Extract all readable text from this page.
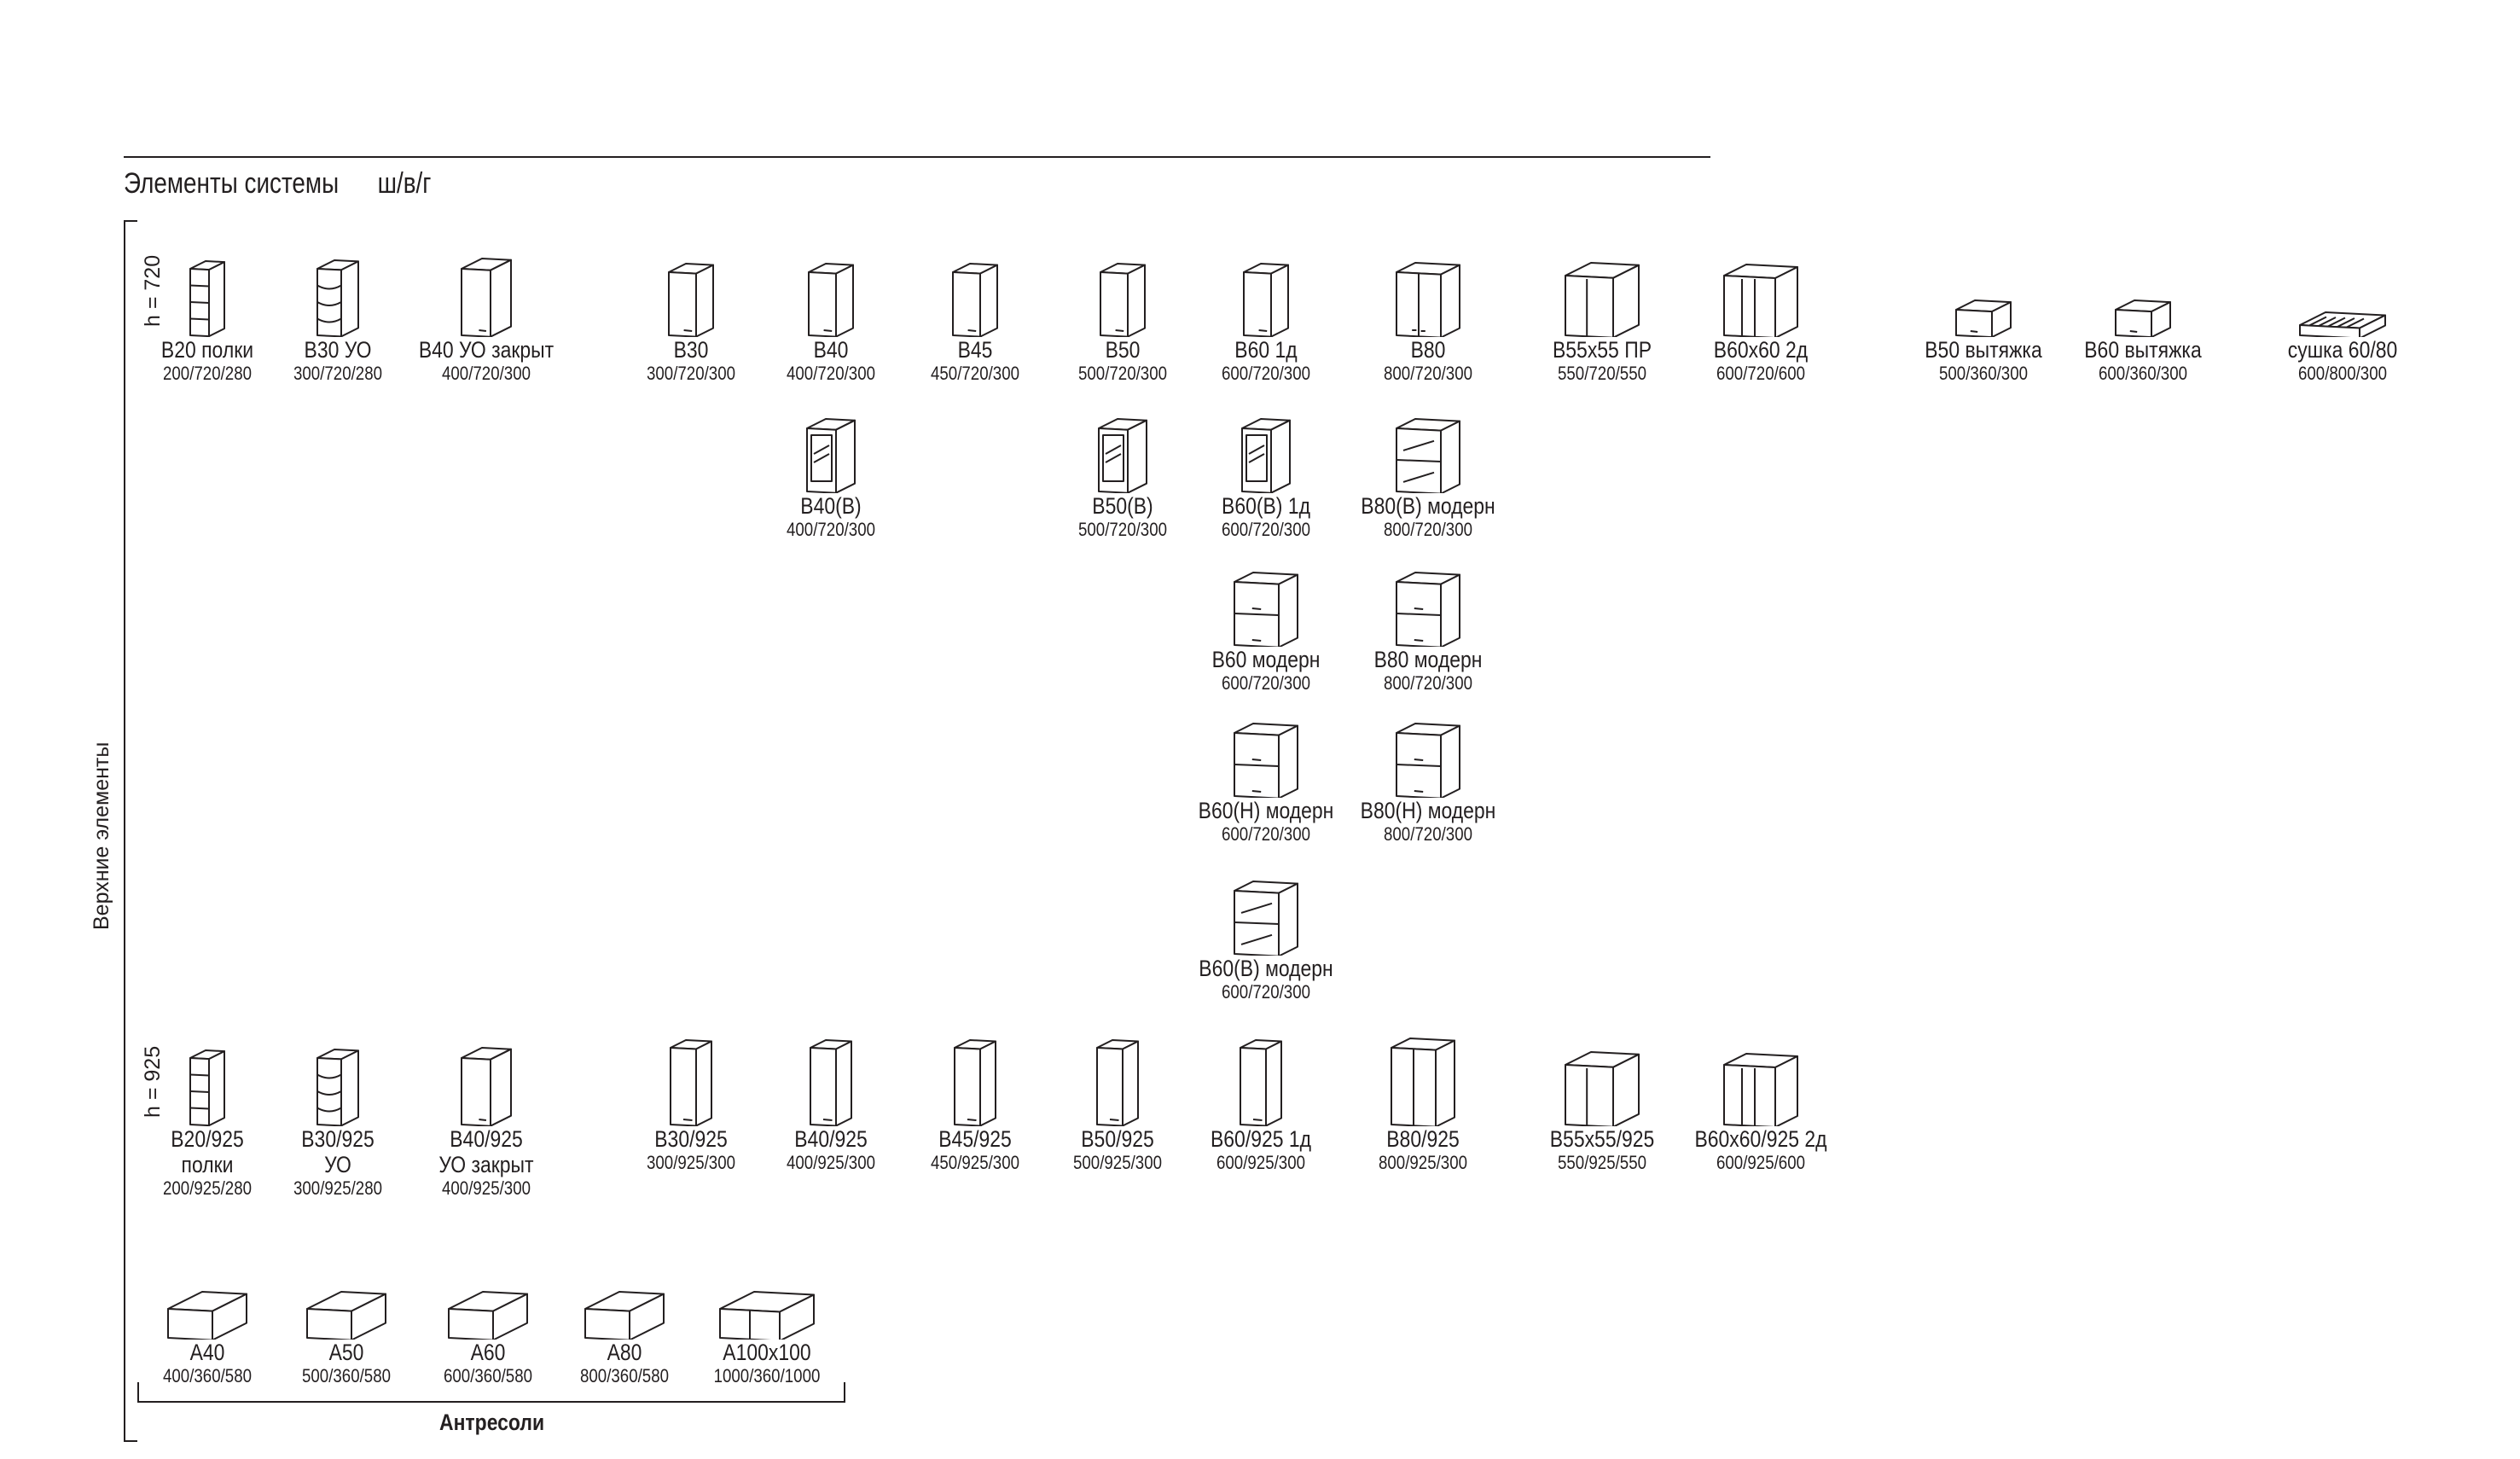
Элементы системы ш/в/г
Верхние элементы
h = 720
h = 925
Антресоли
В20 полки
200/720/280
В30 УО
300/720/280
В40 УО закрыт
400/720/300
В30
300/720/300
В40
400/720/300
В45
450/720/300
В50
500/720/300
В60 1д
600/720/300
В80
800/720/300
В55х55 ПР
550/720/550
В60х60 2д
600/720/600
В50 вытяжка
500/360/300
В60 вытяжка
600/360/300
сушка 60/80
600/800/300
В40(В)
400/720/300
В50(В)
500/720/300
В60(В) 1д
600/720/300
В80(В) модерн
800/720/300
В60 модерн
600/720/300
В80 модерн
800/720/300
В60(Н) модерн
600/720/300
В80(Н) модерн
800/720/300
В60(В) модерн
600/720/300
В20/925
полки
200/925/280
В30/925
УО
300/925/280
В40/925
УО закрыт
400/925/300
В30/925
300/925/300
В40/925
400/925/300
В45/925
450/925/300
В50/925
500/925/300
В60/925 1д
600/925/300
В80/925
800/925/300
В55х55/925
550/925/550
В60х60/925 2д
600/925/600
А40
400/360/580
А50
500/360/580
А60
600/360/580
А80
800/360/580
А100х100
1000/360/1000
